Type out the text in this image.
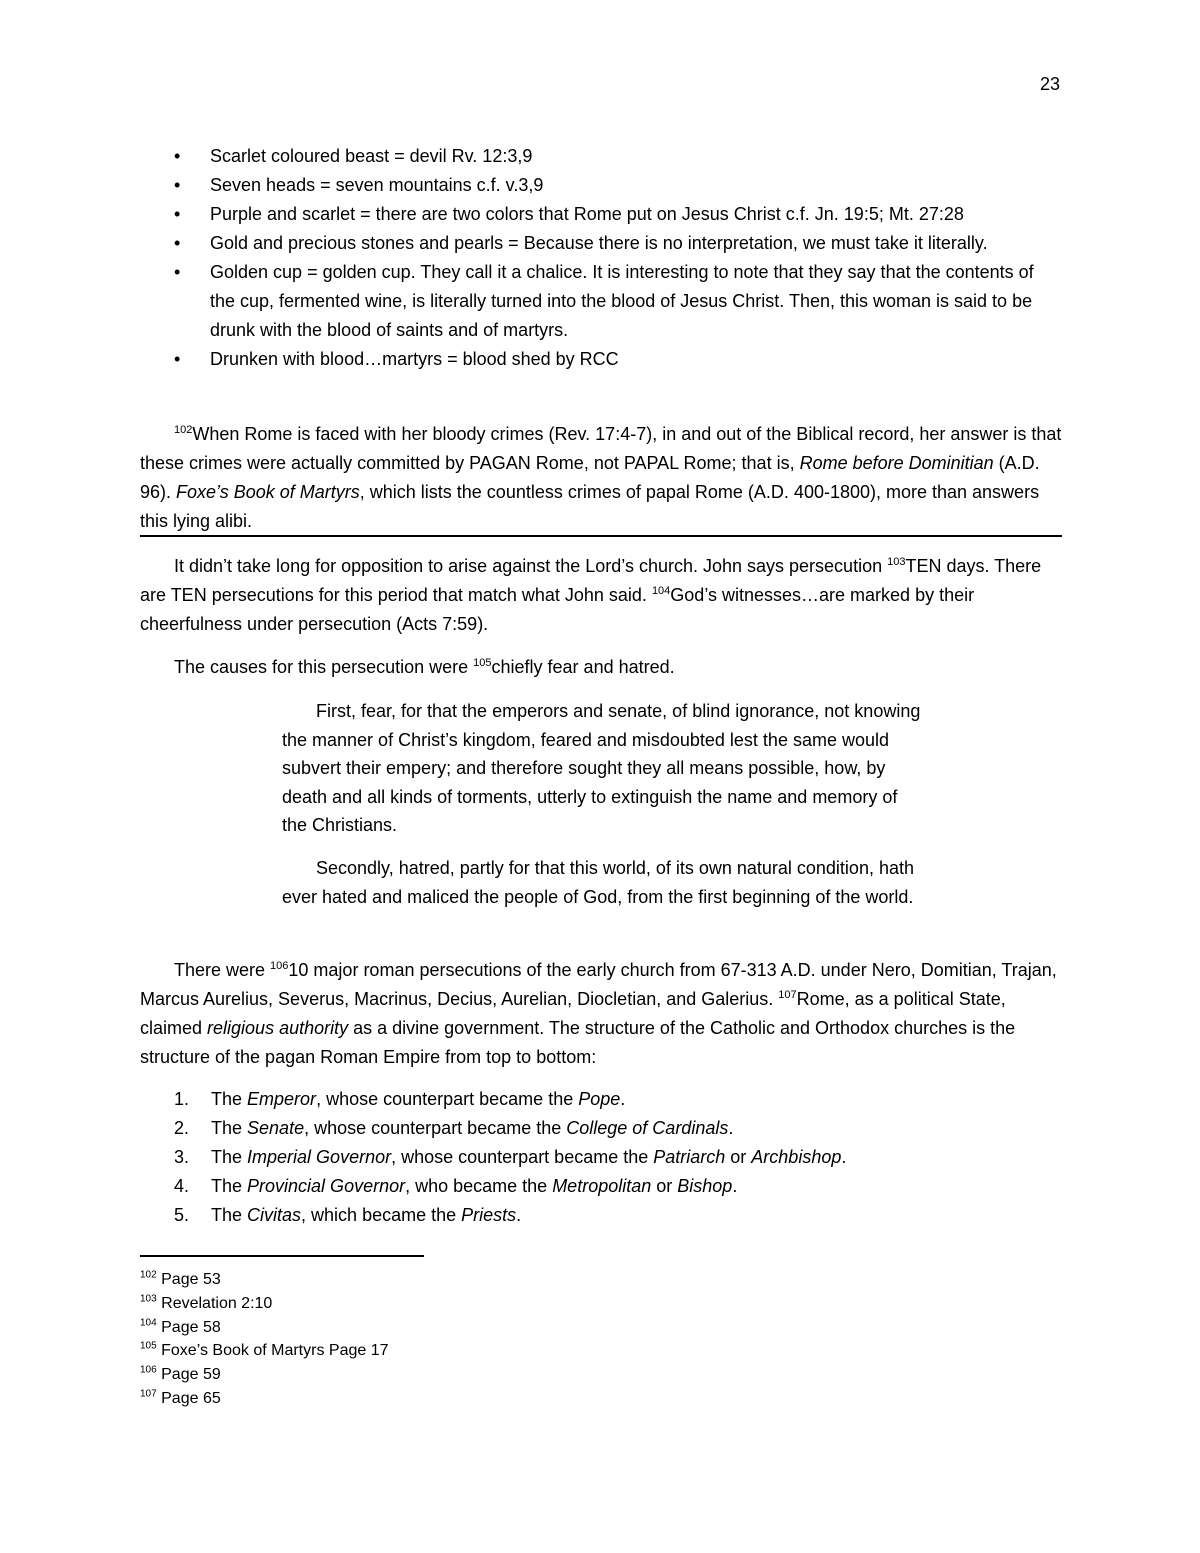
23
• Scarlet coloured beast = devil Rv. 12:3,9
• Seven heads = seven mountains c.f. v.3,9
• Purple and scarlet = there are two colors that Rome put on Jesus Christ c.f. Jn. 19:5; Mt. 27:28
• Gold and precious stones and pearls = Because there is no interpretation, we must take it literally.
• Golden cup = golden cup. They call it a chalice. It is interesting to note that they say that the contents of the cup, fermented wine, is literally turned into the blood of Jesus Christ. Then, this woman is said to be drunk with the blood of saints and of martyrs.
• Drunken with blood…martyrs = blood shed by RCC

$^{102}$When Rome is faced with her bloody crimes (Rev. 17:4-7), in and out of the Biblical record, her answer is that these crimes were actually committed by PAGAN Rome, not PAPAL Rome; that is, Rome before Dominitian (A.D. 96). Foxe’s Book of Martyrs, which lists the countless crimes of papal Rome (A.D. 400-1800), more than answers this lying alibi.

It didn’t take long for opposition to arise against the Lord’s church. John says persecution $^{103}$TEN days. There are TEN persecutions for this period that match what John said. $^{104}$God’s witnesses…are marked by their cheerfulness under persecution (Acts 7:59).

The causes for this persecution were $^{105}$chiefly fear and hatred.

First, fear, for that the emperors and senate, of blind ignorance, not knowing the manner of Christ’s kingdom, feared and misdoubted lest the same would subvert their empery; and therefore sought they all means possible, how, by death and all kinds of torments, utterly to extinguish the name and memory of the Christians.

Secondly, hatred, partly for that this world, of its own natural condition, hath ever hated and maliced the people of God, from the first beginning of the world.

There were $^{106}$10 major roman persecutions of the early church from 67-313 A.D. under Nero, Domitian, Trajan, Marcus Aurelius, Severus, Macrinus, Decius, Aurelian, Diocletian, and Galerius. $^{107}$Rome, as a political State, claimed religious authority as a divine government. The structure of the Catholic and Orthodox churches is the structure of the pagan Roman Empire from top to bottom:

1. The Emperor, whose counterpart became the Pope.
2. The Senate, whose counterpart became the College of Cardinals.
3. The Imperial Governor, whose counterpart became the Patriarch or Archbishop.
4. The Provincial Governor, who became the Metropolitan or Bishop.
5. The Civitas, which became the Priests.
$^{102}$ Page 53
$^{103}$ Revelation 2:10
$^{104}$ Page 58
$^{105}$ Foxe’s Book of Martyrs Page 17
$^{106}$ Page 59
$^{107}$ Page 65
